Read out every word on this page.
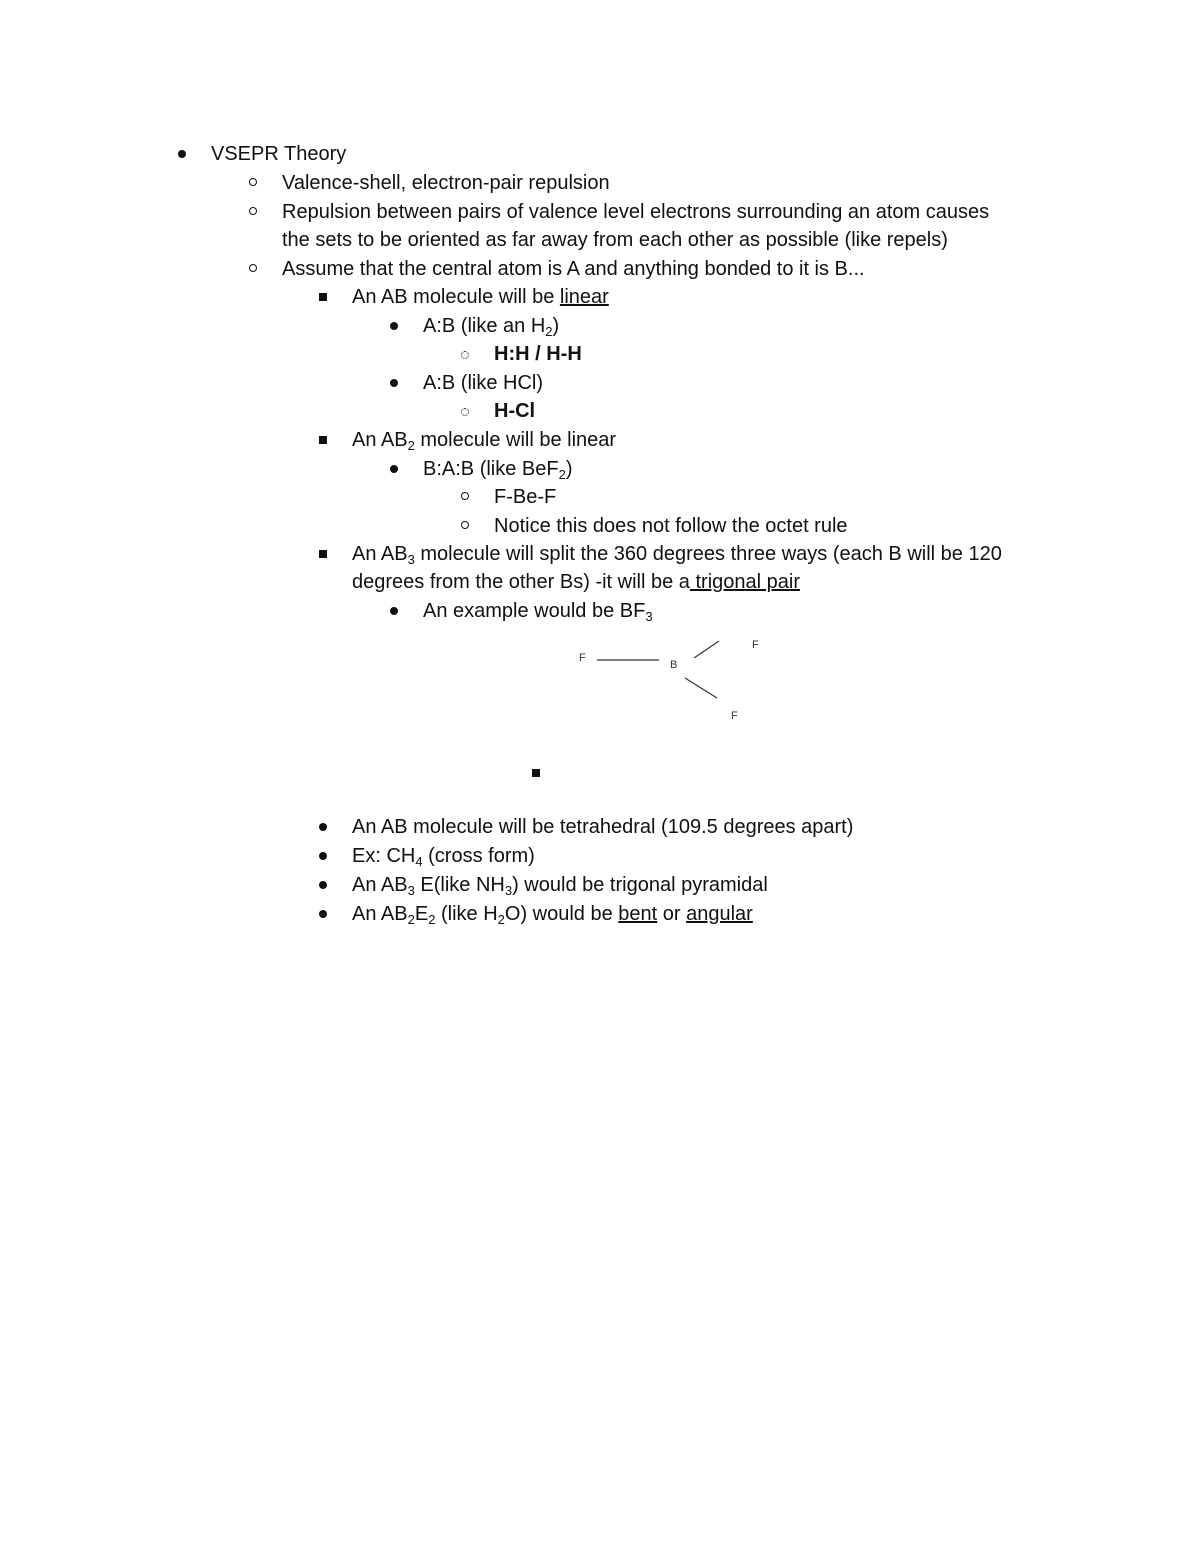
VSEPR Theory
Valence-shell, electron-pair repulsion
Repulsion between pairs of valence level electrons surrounding an atom causes
the sets to be oriented as far away from each other as possible (like repels)
Assume that the central atom is A and anything bonded to it is B...
An AB molecule will be linear
A:B (like an $H_2$)
H:H / H-H
A:B (like HCl)
H-Cl
An $AB_2$ molecule will be linear
B:A:B (like BeF$_2$)
F-Be-F
Notice this does not follow the octet rule
An $AB_3$ molecule will split the 360 degrees three ways (each B will be 120
degrees from the other Bs) -it will be a trigonal pair
An example would be $BF_3$
F
B
F
F
An AB molecule will be tetrahedral (109.5 degrees apart)
Ex: $CH_4$ (cross form)
An $AB_3$ E(like $NH_3$) would be trigonal pyramidal
An $AB_2E_2$ (like $H_2O$) would be bent or angular
